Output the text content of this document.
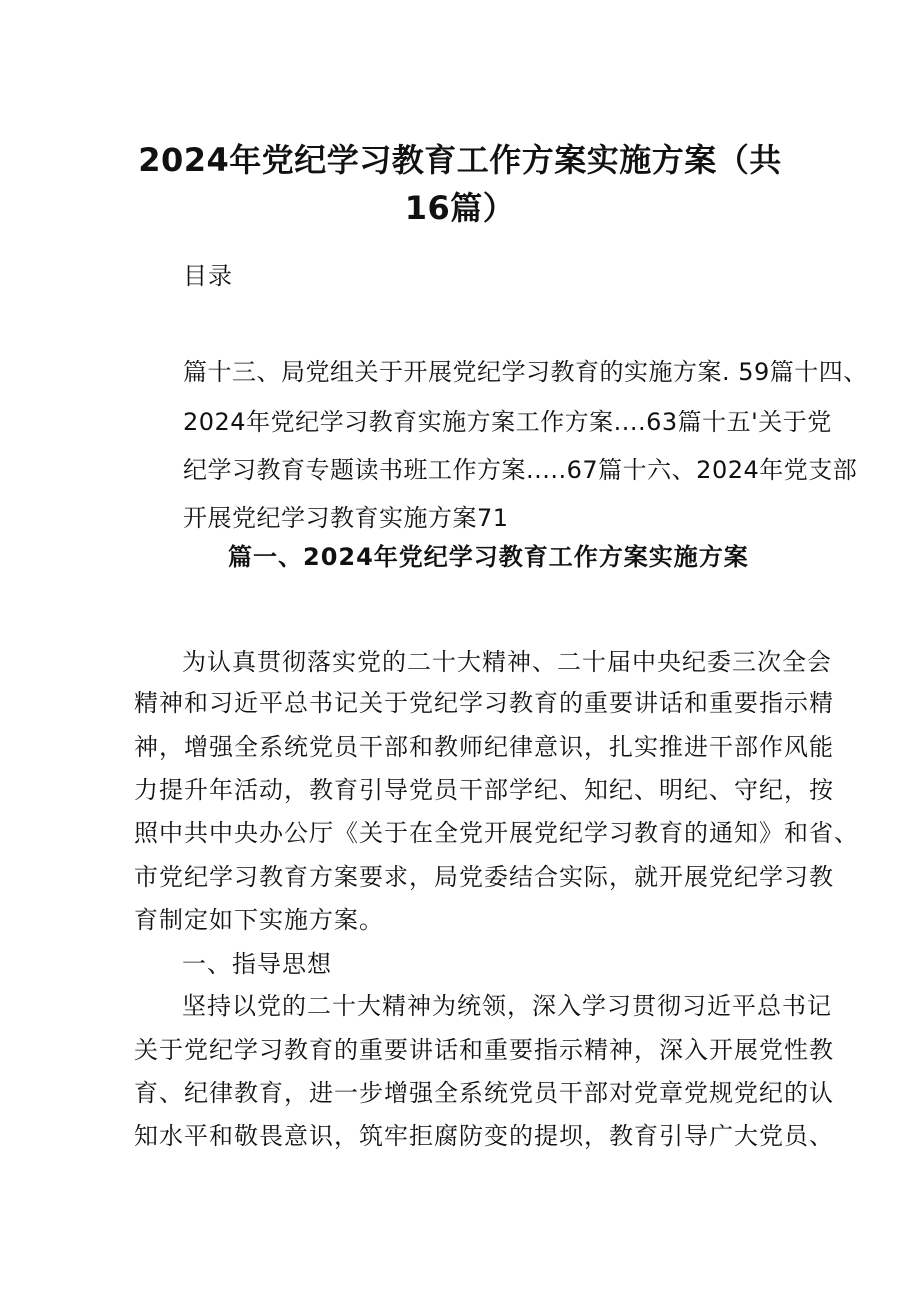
2024年党纪学习教育工作方案实施方案（共
16篇）
目录
篇十三、局党组关于开展党纪学习教育的实施方案. 59篇十四、
2024年党纪学习教育实施方案工作方案....63篇十五'关于党
纪学习教育专题读书班工作方案.....67篇十六、2024年党支部
开展党纪学习教育实施方案71
篇一、2024年党纪学习教育工作方案实施方案
为认真贯彻落实党的二十大精神、二十届中央纪委三次全会
精神和习近平总书记关于党纪学习教育的重要讲话和重要指示精
神，增强全系统党员干部和教师纪律意识，扎实推进干部作风能
力提升年活动，教育引导党员干部学纪、知纪、明纪、守纪，按
照中共中央办公厅《关于在全党开展党纪学习教育的通知》和省、
市党纪学习教育方案要求，局党委结合实际，就开展党纪学习教
育制定如下实施方案。
一、指导思想
坚持以党的二十大精神为统领，深入学习贯彻习近平总书记
关于党纪学习教育的重要讲话和重要指示精神，深入开展党性教
育、纪律教育，进一步增强全系统党员干部对党章党规党纪的认
知水平和敬畏意识，筑牢拒腐防变的提坝，教育引导广大党员、
